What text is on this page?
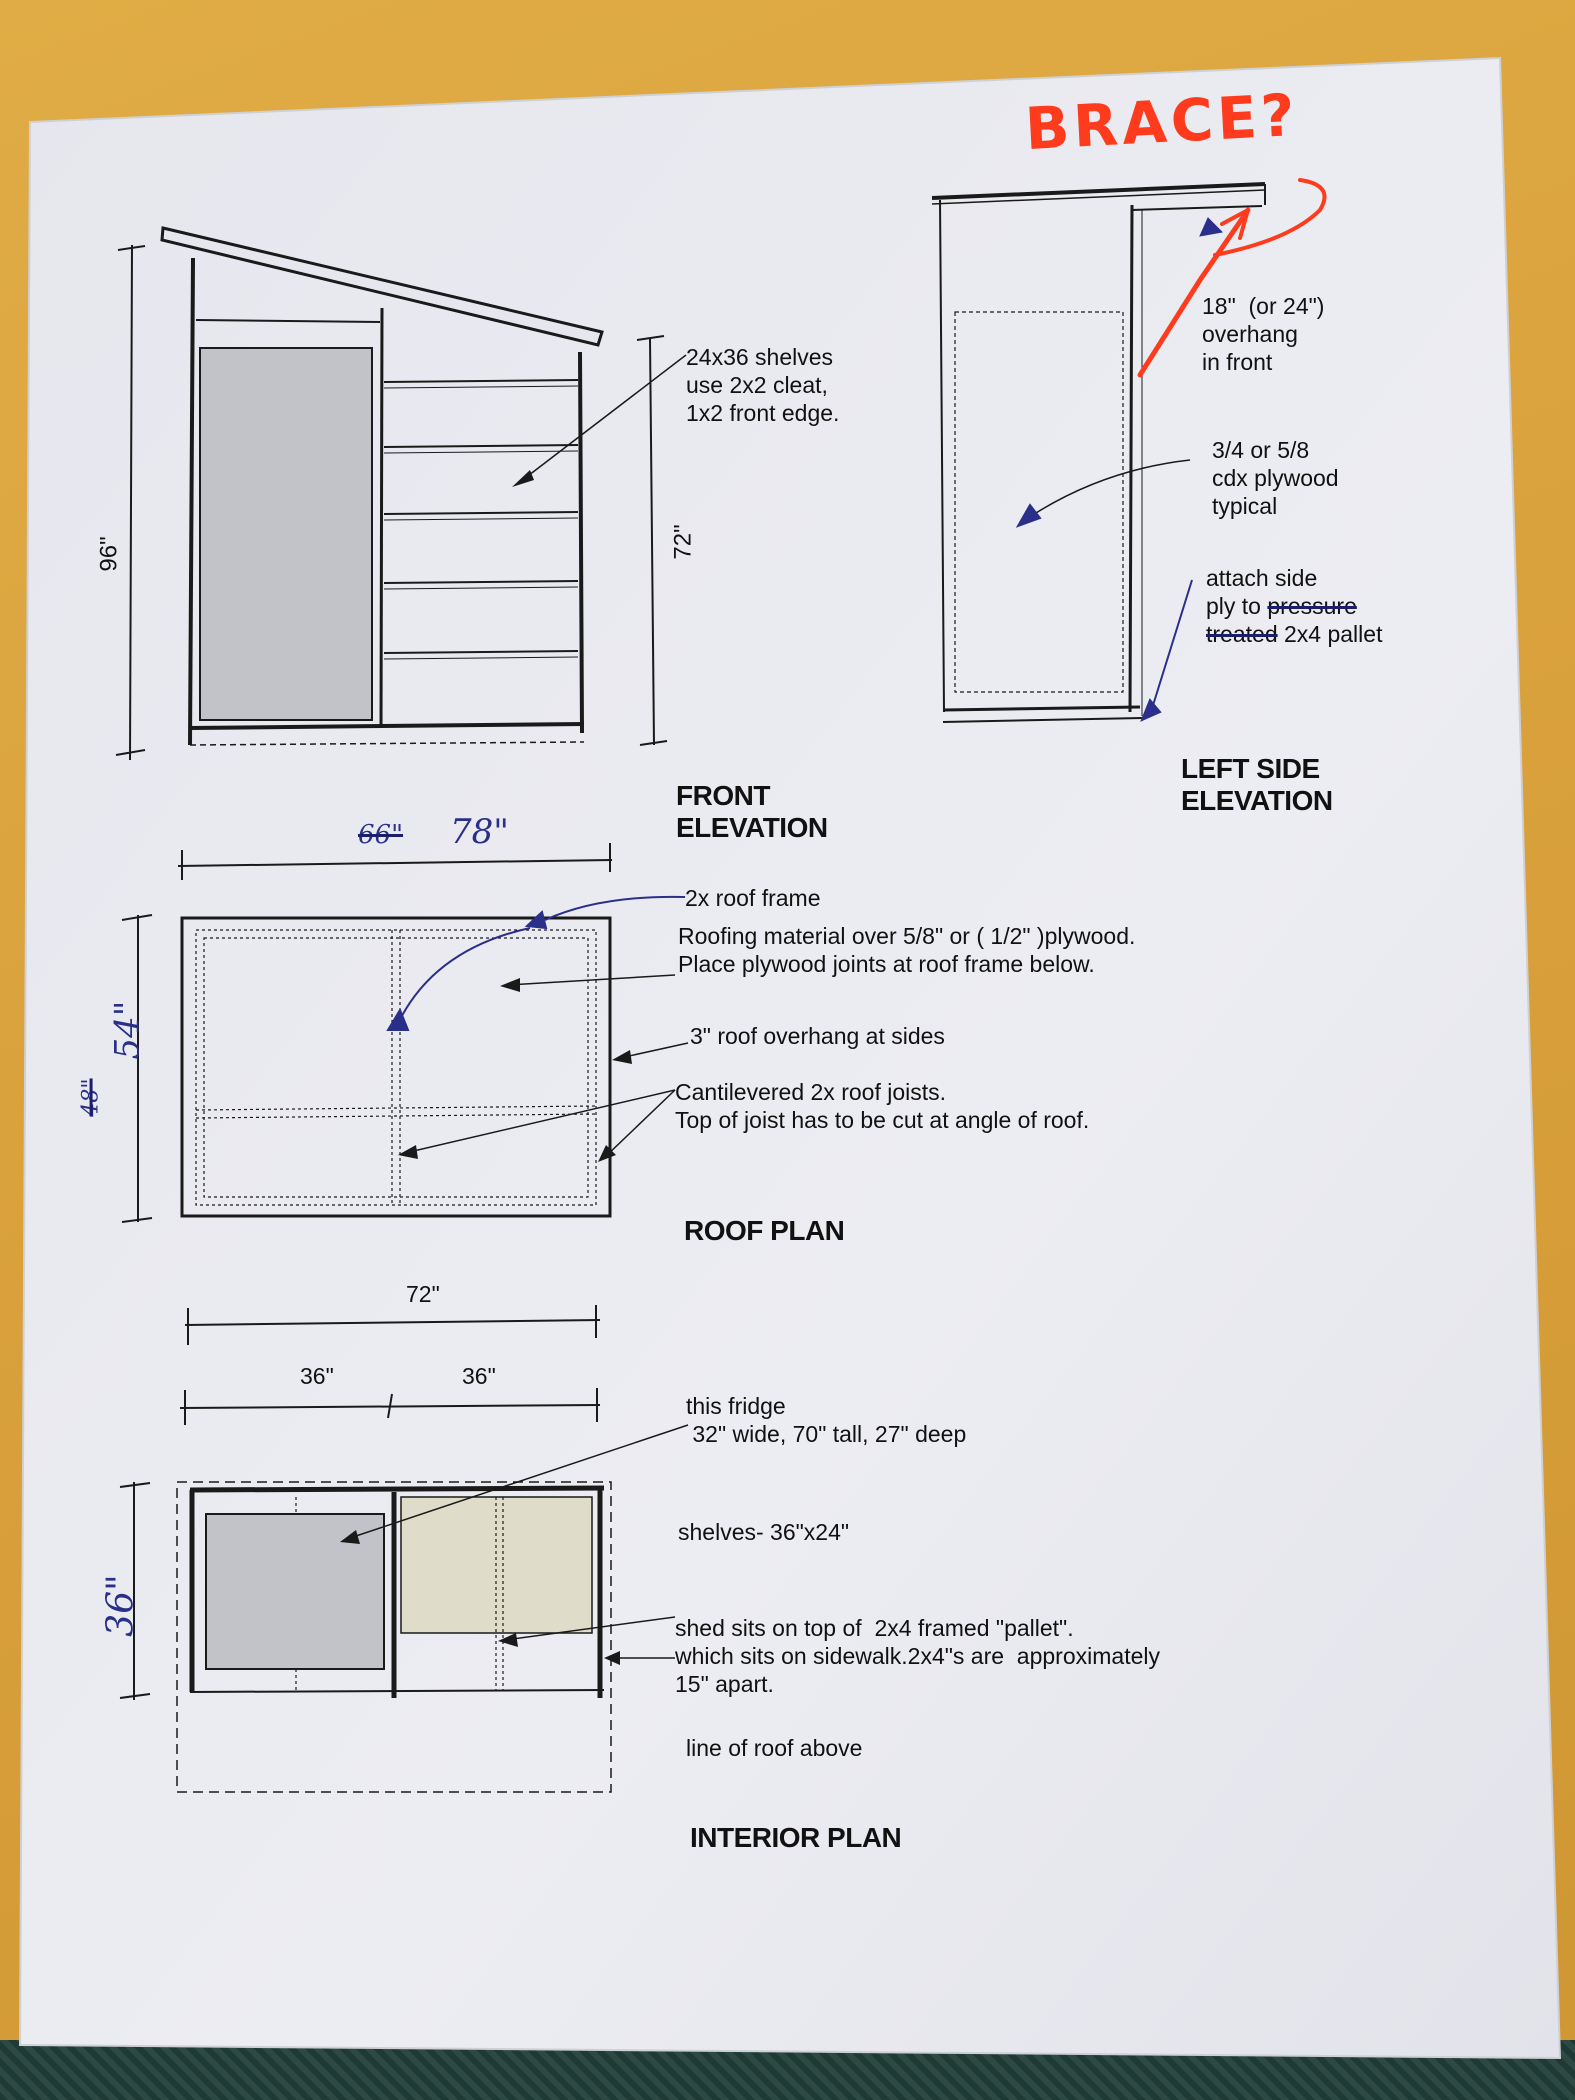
96"	72"
24x36 shelves
use 2x2 cleat,
1x2 front edge.
FRONT
ELEVATION
BRACE?
18"  (or 24")
overhang
in front
3/4 or 5/8
cdx plywood
typical
attach side
ply to pressure
treated 2x4 pallet
LEFT SIDE
ELEVATION
66" 78"
48"
54"
2x roof frame
Roofing material over 5/8" or ( 1/2" )plywood.
Place plywood joints at roof frame below.
3" roof overhang at sides
Cantilevered 2x roof joists.
Top of joist has to be cut at angle of roof.
ROOF PLAN
72"
36"	36"
36"
this fridge
32" wide, 70" tall, 27" deep
shelves- 36"x24"
shed sits on top of  2x4 framed "pallet".
which sits on sidewalk.2x4"s are  approximately
15" apart.
line of roof above
INTERIOR PLAN
